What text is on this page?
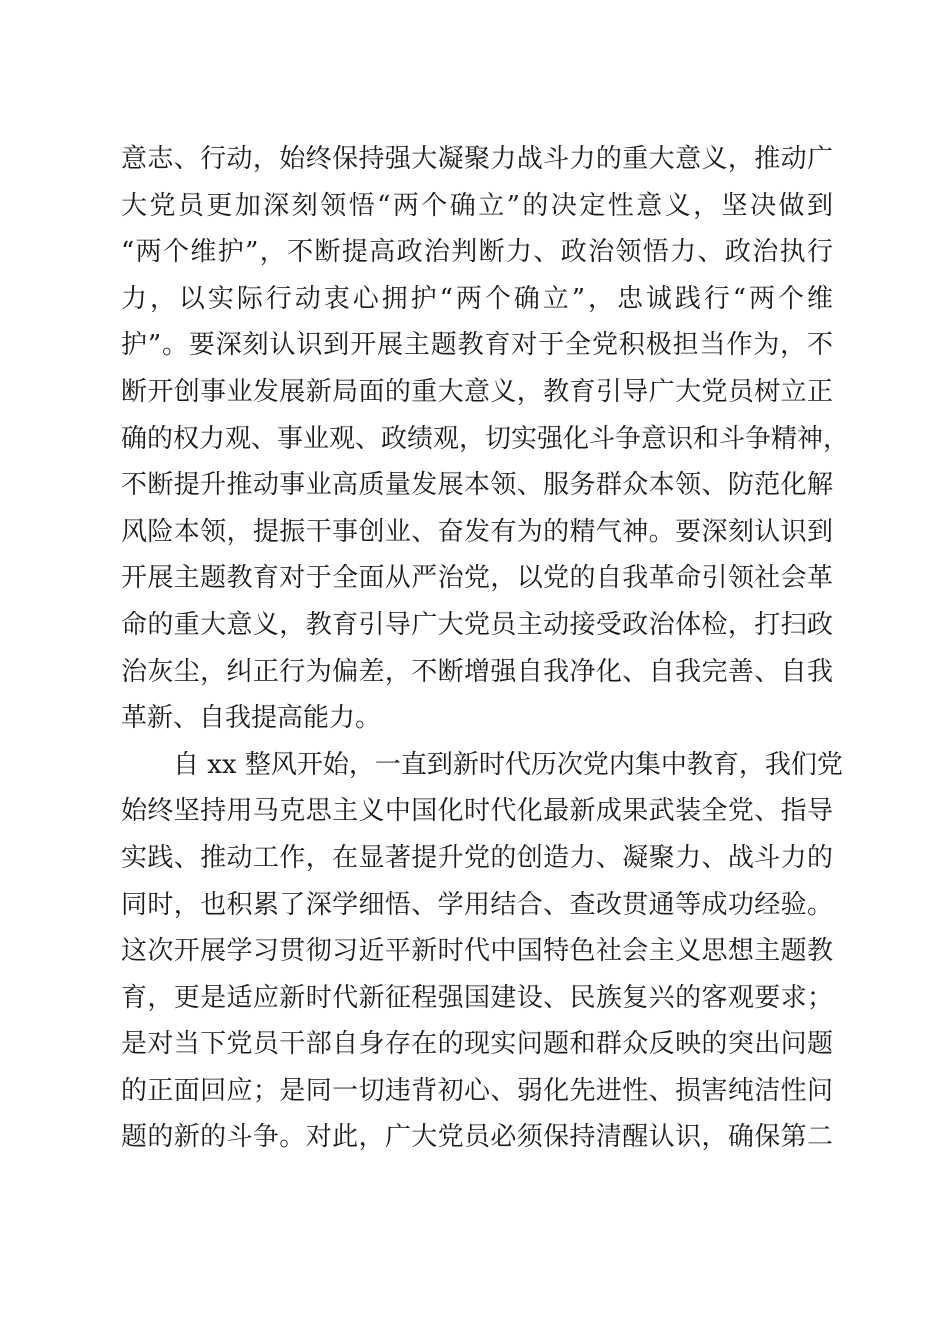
意志、行动，始终保持强大凝聚力战斗力的重大意义，推动广
大党员更加深刻领悟“两个确立”的决定性意义，坚决做到
“两个维护”，不断提高政治判断力、政治领悟力、政治执行
力，以实际行动衷心拥护“两个确立”，忠诚践行“两个维
护”。要深刻认识到开展主题教育对于全党积极担当作为，不
断开创事业发展新局面的重大意义，教育引导广大党员树立正
确的权力观、事业观、政绩观，切实强化斗争意识和斗争精神，
不断提升推动事业高质量发展本领、服务群众本领、防范化解
风险本领，提振干事创业、奋发有为的精气神。要深刻认识到
开展主题教育对于全面从严治党，以党的自我革命引领社会革
命的重大意义，教育引导广大党员主动接受政治体检，打扫政
治灰尘，纠正行为偏差，不断增强自我净化、自我完善、自我
革新、自我提高能力。
自 xx 整风开始，一直到新时代历次党内集中教育，我们党
始终坚持用马克思主义中国化时代化最新成果武装全党、指导
实践、推动工作，在显著提升党的创造力、凝聚力、战斗力的
同时，也积累了深学细悟、学用结合、查改贯通等成功经验。
这次开展学习贯彻习近平新时代中国特色社会主义思想主题教
育，更是适应新时代新征程强国建设、民族复兴的客观要求；
是对当下党员干部自身存在的现实问题和群众反映的突出问题
的正面回应；是同一切违背初心、弱化先进性、损害纯洁性问
题的新的斗争。对此，广大党员必须保持清醒认识，确保第二
